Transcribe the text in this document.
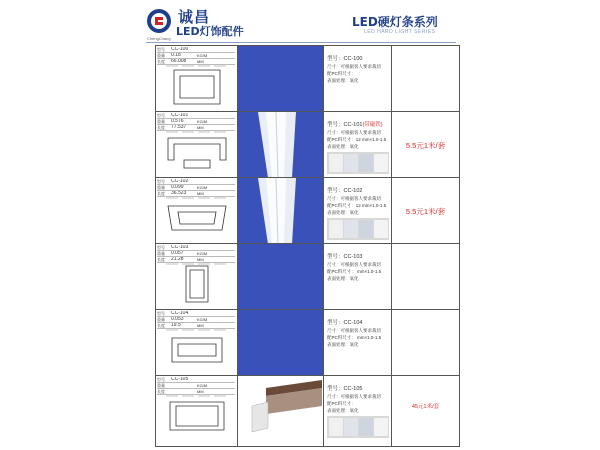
诚昌
LED灯饰配件
ChengChang
LED硬灯条系列
LED HARD LIGHT SERIES
型号 CC-100
重量 0.18	KG/M
长度 66.008	MM	型号：CC-100
尺寸：可根据客人要求裁切
配PC料尺寸：
表面处理：氧化
型号 CC-101
重量 0.576	KG/M
长度 77.537	MM	型号：CC-101(带磁铁)
尺寸：可根据客人要求裁切
配PC料尺寸：12 mm×1.0-1.5
表面处理：氧化	5.5元1米/套
型号 CC-102
重量 0.099	KG/M
长度 36.523	MM	型号：CC-102
尺寸：可根据客人要求裁切
配PC料尺寸：12 mm×1.0-1.5
表面处理：氧化	5.5元1米/套
型号 CC-103
重量 0.057	KG/M
长度 21.28	MM	型号：CC-103
尺寸：可根据客人要求裁切
配PC料尺寸： mm×1.0-1.5
表面处理：氧化
型号 CC-104
重量 0.053	KG/M
长度 19.5	MM	型号：CC-104
尺寸：可根据客人要求裁切
配PC料尺寸： mm×1.0-1.5
表面处理：氧化
型号 CC-105
重量	KG/M
长度	MM	型号：CC-105
尺寸：可根据客人要求裁切
配PC料尺寸：
表面处理：氧化
45元1米/套
